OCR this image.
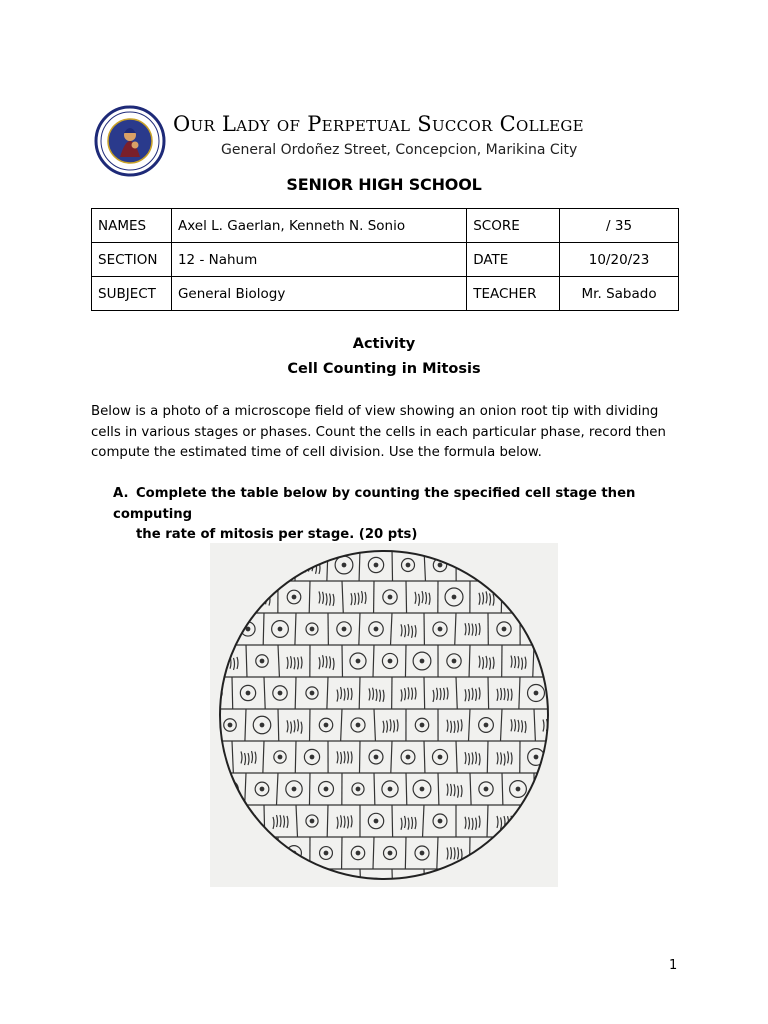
Our Lady of Perpetual Succor College
General Ordoñez Street, Concepcion, Marikina City
SENIOR HIGH SCHOOL
NAMES	Axel L. Gaerlan, Kenneth N. Sonio	SCORE	/ 35
SECTION	12 - Nahum	DATE	10/20/23
SUBJECT	General Biology	TEACHER	Mr. Sabado
Activity
Cell Counting in Mitosis
Below is a photo of a microscope field of view showing an onion root tip with dividing
cells in various stages or phases. Count the cells in each particular phase, record then
compute the estimated time of cell division. Use the formula below.
A. Complete the table below by counting the specified cell stage then computing
the rate of mitosis per stage. (20 pts)
1
